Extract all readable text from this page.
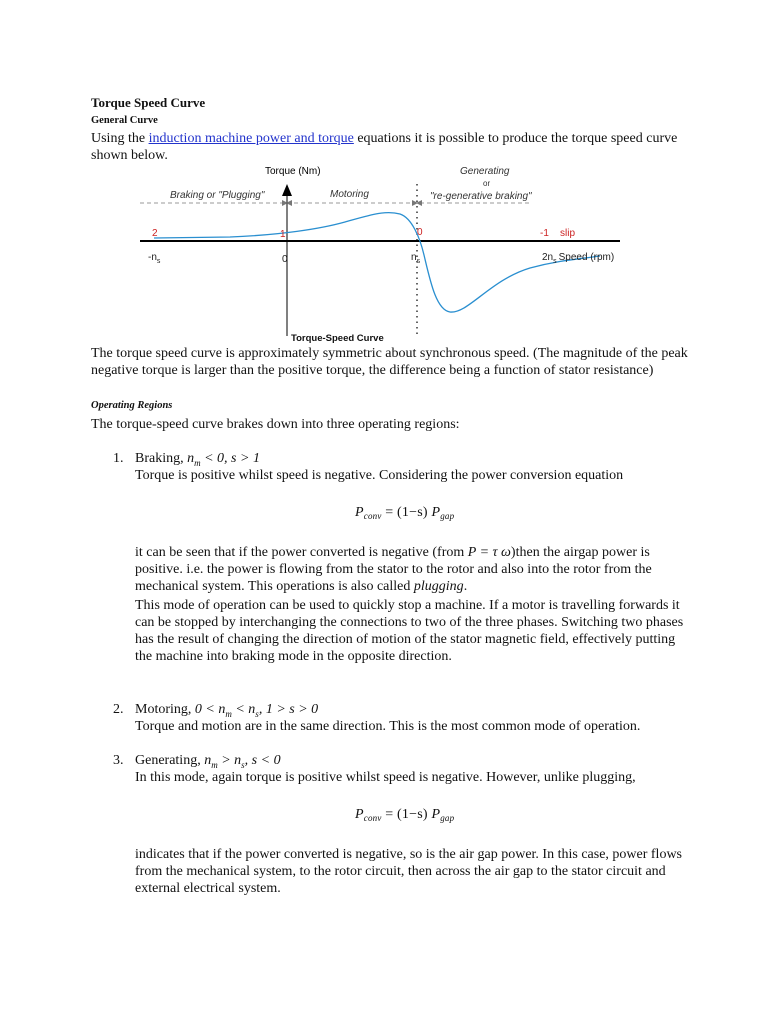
Torque Speed Curve
General Curve
Using the induction machine power and torque equations it is possible to produce the torque speed curve shown below.
Torque (Nm)
Braking or "Plugging"	Motoring
Generating
or
"re-generative braking"
2	1	0	-1 slip
$-n_s$	0	$n_s$	$2n_s$ Speed (rpm)
Torque-Speed Curve
The torque speed curve is approximately symmetric about synchronous speed. (The magnitude of the peak negative torque is larger than the positive torque, the difference being a function of stator resistance)
Operating Regions
The torque-speed curve brakes down into three operating regions:
1. Braking, $n_m < 0$, s > 1
Torque is positive whilst speed is negative. Considering the power conversion equation
$P_{conv} = (1-s)$ $P_{gap}$
it can be seen that if the power converted is negative (from P = τ ω)then the airgap power is positive. i.e. the power is flowing from the stator to the rotor and also into the rotor from the mechanical system. This operations is also called plugging.
This mode of operation can be used to quickly stop a machine. If a motor is travelling forwards it can be stopped by interchanging the connections to two of the three phases. Switching two phases has the result of changing the direction of motion of the stator magnetic field, effectively putting the machine into braking mode in the opposite direction.
2. Motoring, $0 < n_m < n_s$, 1 > s > 0
Torque and motion are in the same direction. This is the most common mode of operation.
3. Generating, $n_m > n_s$, s < 0
In this mode, again torque is positive whilst speed is negative. However, unlike plugging,
$P_{conv} = (1-s)$ $P_{gap}$
indicates that if the power converted is negative, so is the air gap power. In this case, power flows from the mechanical system, to the rotor circuit, then across the air gap to the stator circuit and external electrical system.
